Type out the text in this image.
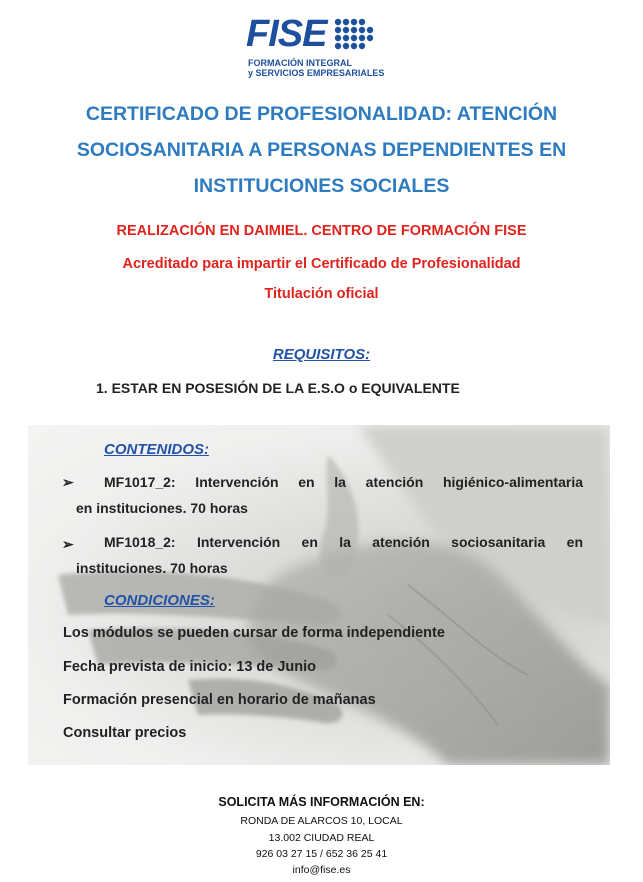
FISE
FORMACIÓN INTEGRAL
y SERVICIOS EMPRESARIALES
CERTIFICADO DE PROFESIONALIDAD: ATENCIÓN
SOCIOSANITARIA A PERSONAS DEPENDIENTES EN
INSTITUCIONES SOCIALES
REALIZACIÓN EN DAIMIEL. CENTRO DE FORMACIÓN FISE
Acreditado para impartir el Certificado de Profesionalidad
Titulación oficial
REQUISITOS:
1. ESTAR EN POSESIÓN DE LA E.S.O o EQUIVALENTE
CONTENIDOS:
➢	MF1017_2: Intervención en la atención higiénico-alimentaria
en instituciones. 70 horas
➢	MF1018_2: Intervención en la atención sociosanitaria en
instituciones. 70 horas
CONDICIONES:
Los módulos se pueden cursar de forma independiente
Fecha prevista de inicio: 13 de Junio
Formación presencial en horario de mañanas
Consultar precios
SOLICITA MÁS INFORMACIÓN EN:
RONDA DE ALARCOS 10, LOCAL
13.002 CIUDAD REAL
926 03 27 15 / 652 36 25 41
info@fise.es
